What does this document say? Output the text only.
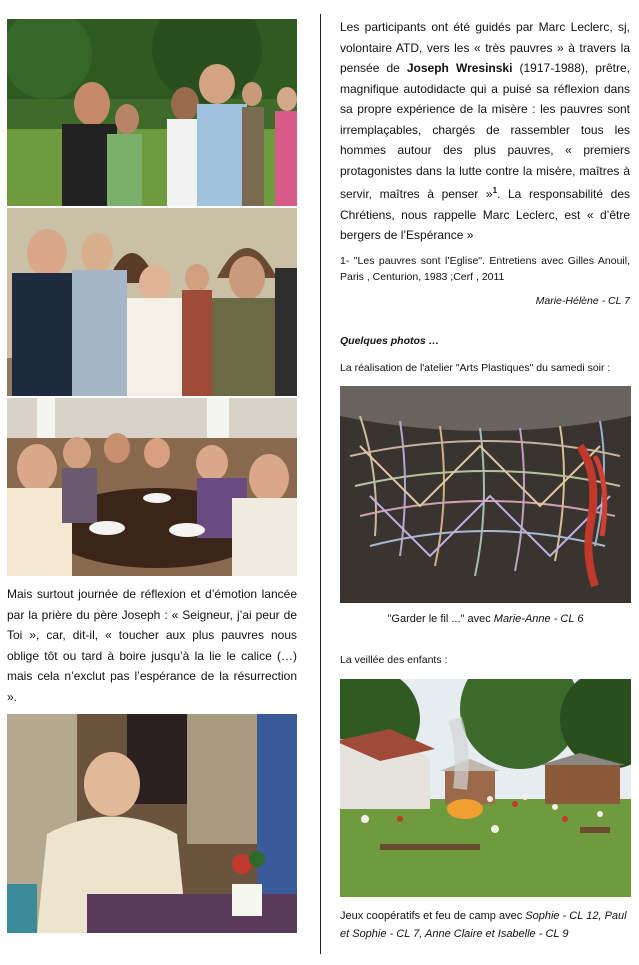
Mais surtout journée de réflexion et d’émotion lancée par la prière du père Joseph : « Seigneur, j’ai peur de Toi », car, dit-il, « toucher aux plus pauvres nous oblige tôt ou tard à boire jusqu’à la lie le calice (…) mais cela n’exclut pas l’espérance de la résurrection ».
Les participants ont été guidés par Marc Leclerc, sj, volontaire ATD, vers les « très pauvres » à travers la pensée de Joseph Wresinski (1917-1988), prêtre, magnifique autodidacte qui a puisé sa réflexion dans sa propre expérience de la misère : les pauvres sont irremplaçables, chargés de rassembler tous les hommes autour des plus pauvres, « premiers protagonistes dans la lutte contre la misère, maîtres à servir, maîtres à penser »$^1$. La responsabilité des Chrétiens, nous rappelle Marc Leclerc, est « d’être bergers de l’Espérance »
1- "Les pauvres sont l’Eglise". Entretiens avec Gilles Anouil, Paris , Centurion, 1983 ;Cerf , 2011
Marie-Hélène - CL 7
Quelques photos …
La réalisation de l'atelier "Arts Plastiques" du samedi soir :
"Garder le fil ..." avec Marie-Anne - CL 6
La veillée des enfants :
Jeux coopératifs et feu de camp avec Sophie - CL 12, Paul et Sophie - CL 7, Anne Claire et Isabelle - CL 9
